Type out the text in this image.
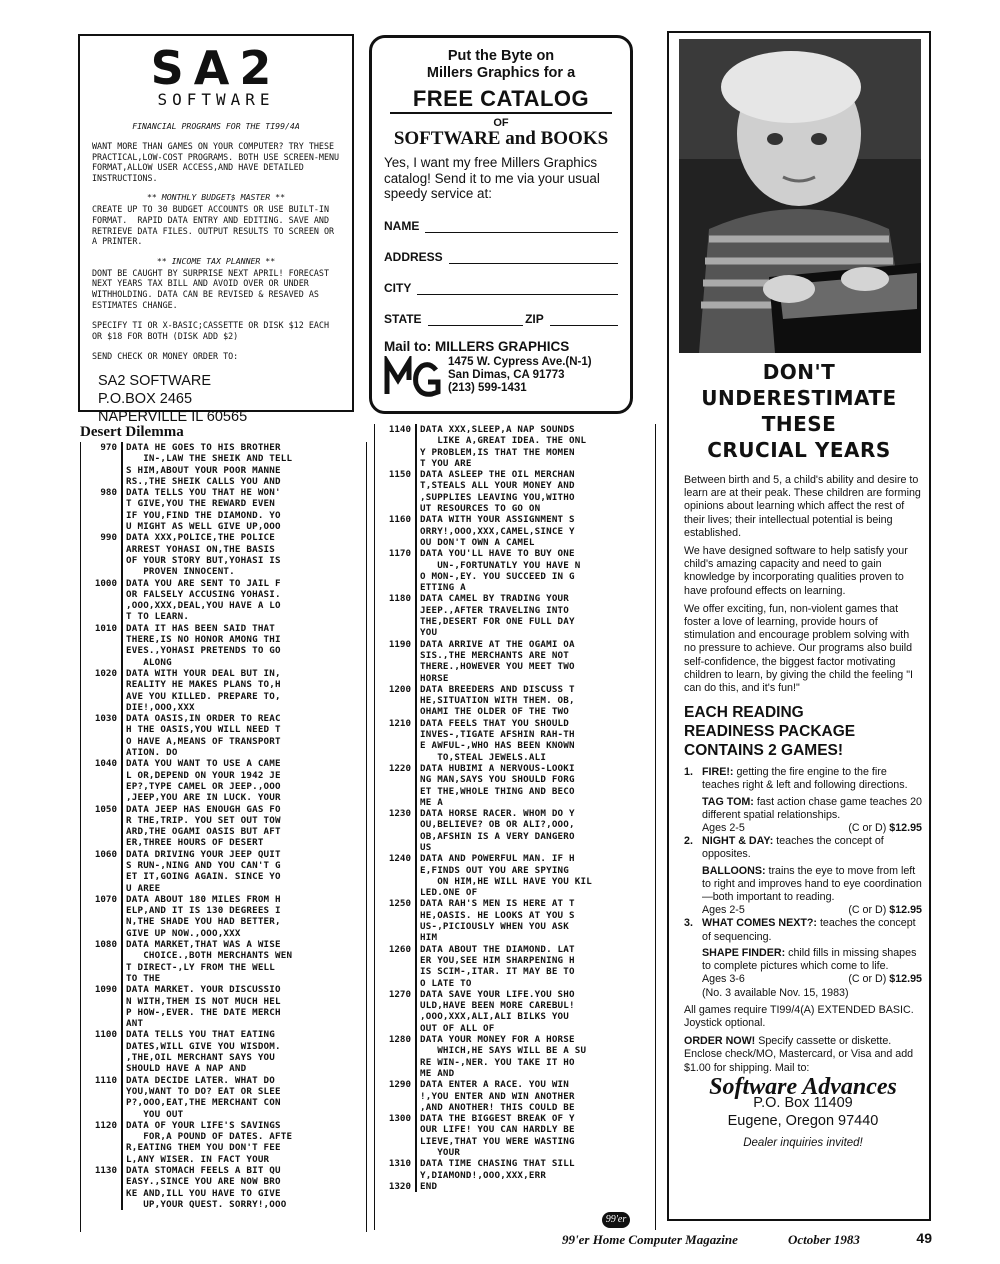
SA2
SOFTWARE
FINANCIAL PROGRAMS FOR THE TI99/4A
WANT MORE THAN GAMES ON YOUR COMPUTER? TRY THESE PRACTICAL,LOW-COST PROGRAMS. BOTH USE SCREEN-MENU FORMAT,ALLOW USER ACCESS,AND HAVE DETAILED INSTRUCTIONS.
** MONTHLY BUDGET$ MASTER **
CREATE UP TO 30 BUDGET ACCOUNTS OR USE BUILT-IN FORMAT.  RAPID DATA ENTRY AND EDITING. SAVE AND RETRIEVE DATA FILES. OUTPUT RESULTS TO SCREEN OR A PRINTER.
** INCOME TAX PLANNER **
DONT BE CAUGHT BY SURPRISE NEXT APRIL! FORECAST NEXT YEARS TAX BILL AND AVOID OVER OR UNDER WITHHOLDING. DATA CAN BE REVISED & RESAVED AS ESTIMATES CHANGE.
SPECIFY TI OR X-BASIC;CASSETTE OR DISK $12 EACH OR $18 FOR BOTH (DISK ADD $2)
SEND CHECK OR MONEY ORDER TO:
SA2 SOFTWARE
P.O.BOX 2465
NAPERVILLE IL 60565
Put the Byte on
Millers Graphics for a
FREE CATALOG
OF
SOFTWARE and BOOKS
Yes, I want my free Millers Graphics catalog! Send it to me via your usual speedy service at:
NAME
ADDRESS
CITY
STATE	ZIP
Mail to: MILLERS GRAPHICS
1475 W. Cypress Ave.(N-1)
San Dimas, CA 91773
(213) 599-1431
DON'T
UNDERESTIMATE
THESE
CRUCIAL YEARS

Between birth and 5, a child's ability and desire to learn are at their peak. These children are forming opinions about learning which affect the rest of their lives; their intellectual potential is being established.

We have designed software to help satisfy your child's amazing capacity and need to gain knowledge by incorporating qualities proven to have profound effects on learning.

We offer exciting, fun, non-violent games that foster a love of learning, provide hours of stimulation and encourage problem solving with no pressure to achieve. Our programs also build self-confidence, the biggest factor motivating children to learn, by giving the child the feeling "I can do this, and it's fun!"

EACH READING
READINESS PACKAGE
CONTAINS 2 GAMES!
1. FIRE!: getting the fire engine to the fire teaches right & left and following directions.
TAG TOM: fast action chase game teaches 20 different spatial relationships.
Ages 2-5	(C or D) $12.95
2. NIGHT & DAY: teaches the concept of opposites.
BALLOONS: trains the eye to move from left to right and improves hand to eye coordination—both important to reading.
Ages 2-5	(C or D) $12.95
3. WHAT COMES NEXT?: teaches the concept of sequencing.
SHAPE FINDER: child fills in missing shapes to complete pictures which come to life.
Ages 3-6	(C or D) $12.95
(No. 3 available Nov. 15, 1983)

All games require TI99/4(A) EXTENDED BASIC. Joystick optional.

ORDER NOW! Specify cassette or diskette. Enclose check/MO, Mastercard, or Visa and add $1.00 for shipping. Mail to:

Software Advances
P.O. Box 11409
Eugene, Oregon 97440
Dealer inquiries invited!
Desert Dilemma
970 DATA HE GOES TO HIS BROTHER
IN-,LAW THE SHEIK AND TELL
S HIM,ABOUT YOUR POOR MANNE
RS.,THE SHEIK CALLS YOU AND
980 DATA TELLS YOU THAT HE WON'
T GIVE,YOU THE REWARD EVEN
IF YOU,FIND THE DIAMOND. YO
U MIGHT AS WELL GIVE UP,OOO
990 DATA XXX,POLICE,THE POLICE
ARREST YOHASI ON,THE BASIS
OF YOUR STORY BUT,YOHASI IS
PROVEN INNOCENT.
1000 DATA YOU ARE SENT TO JAIL F
OR FALSELY ACCUSING YOHASI.
,OOO,XXX,DEAL,YOU HAVE A LO
T TO LEARN.
1010 DATA IT HAS BEEN SAID THAT
THERE,IS NO HONOR AMONG THI
EVES.,YOHASI PRETENDS TO GO
ALONG
1020 DATA WITH YOUR DEAL BUT IN,
REALITY HE MAKES PLANS TO,H
AVE YOU KILLED. PREPARE TO,
DIE!,OOO,XXX
1030 DATA OASIS,IN ORDER TO REAC
H THE OASIS,YOU WILL NEED T
O HAVE A,MEANS OF TRANSPORT
ATION. DO
1040 DATA YOU WANT TO USE A CAME
L OR,DEPEND ON YOUR 1942 JE
EP?,TYPE CAMEL OR JEEP.,OOO
,JEEP,YOU ARE IN LUCK. YOUR
1050 DATA JEEP HAS ENOUGH GAS FO
R THE,TRIP. YOU SET OUT TOW
ARD,THE OGAMI OASIS BUT AFT
ER,THREE HOURS OF DESERT
1060 DATA DRIVING YOUR JEEP QUIT
S RUN-,NING AND YOU CAN'T G
ET IT,GOING AGAIN. SINCE YO
U AREE
1070 DATA ABOUT 180 MILES FROM H
ELP,AND IT IS 130 DEGREES I
N,THE SHADE YOU HAD BETTER,
GIVE UP NOW.,OOO,XXX
1080 DATA MARKET,THAT WAS A WISE
CHOICE.,BOTH MERCHANTS WEN
T DIRECT-,LY FROM THE WELL
TO THE
1090 DATA MARKET. YOUR DISCUSSIO
N WITH,THEM IS NOT MUCH HEL
P HOW-,EVER. THE DATE MERCH
ANT
1100 DATA TELLS YOU THAT EATING
DATES,WILL GIVE YOU WISDOM.
,THE,OIL MERCHANT SAYS YOU
SHOULD HAVE A NAP AND
1110 DATA DECIDE LATER. WHAT DO
YOU,WANT TO DO? EAT OR SLEE
P?,OOO,EAT,THE MERCHANT CON
YOU OUT
1120 DATA OF YOUR LIFE'S SAVINGS
FOR,A POUND OF DATES. AFTE
R,EATING THEM YOU DON'T FEE
L,ANY WISER. IN FACT YOUR
1130 DATA STOMACH FEELS A BIT QU
EASY.,SINCE YOU ARE NOW BRO
KE AND,ILL YOU HAVE TO GIVE
UP,YOUR QUEST. SORRY!,OOO
1140 DATA XXX,SLEEP,A NAP SOUNDS
LIKE A,GREAT IDEA. THE ONL
Y PROBLEM,IS THAT THE MOMEN
T YOU ARE
1150 DATA ASLEEP THE OIL MERCHAN
T,STEALS ALL YOUR MONEY AND
,SUPPLIES LEAVING YOU,WITHO
UT RESOURCES TO GO ON
1160 DATA WITH YOUR ASSIGNMENT S
ORRY!,OOO,XXX,CAMEL,SINCE Y
OU DON'T OWN A CAMEL
1170 DATA YOU'LL HAVE TO BUY ONE
UN-,FORTUNATLY YOU HAVE N
O MON-,EY. YOU SUCCEED IN G
ETTING A
1180 DATA CAMEL BY TRADING YOUR
JEEP.,AFTER TRAVELING INTO
THE,DESERT FOR ONE FULL DAY
YOU
1190 DATA ARRIVE AT THE OGAMI OA
SIS.,THE MERCHANTS ARE NOT
THERE.,HOWEVER YOU MEET TWO
HORSE
1200 DATA BREEDERS AND DISCUSS T
HE,SITUATION WITH THEM. OB,
OHAMI THE OLDER OF THE TWO
1210 DATA FEELS THAT YOU SHOULD
INVES-,TIGATE AFSHIN RAH-TH
E AWFUL-,WHO HAS BEEN KNOWN
TO,STEAL JEWELS.ALI
1220 DATA HUBIMI A NERVOUS-LOOKI
NG MAN,SAYS YOU SHOULD FORG
ET THE,WHOLE THING AND BECO
ME A
1230 DATA HORSE RACER. WHOM DO Y
OU,BELIEVE? OB OR ALI?,OOO,
OB,AFSHIN IS A VERY DANGERO
US
1240 DATA AND POWERFUL MAN. IF H
E,FINDS OUT YOU ARE SPYING
ON HIM,HE WILL HAVE YOU KIL
LED.ONE OF
1250 DATA RAH'S MEN IS HERE AT T
HE,OASIS. HE LOOKS AT YOU S
US-,PICIOUSLY WHEN YOU ASK
HIM
1260 DATA ABOUT THE DIAMOND. LAT
ER YOU,SEE HIM SHARPENING H
IS SCIM-,ITAR. IT MAY BE TO
O LATE TO
1270 DATA SAVE YOUR LIFE.YOU SHO
ULD,HAVE BEEN MORE CAREBUL!
,OOO,XXX,ALI,ALI BILKS YOU
OUT OF ALL OF
1280 DATA YOUR MONEY FOR A HORSE
WHICH,HE SAYS WILL BE A SU
RE WIN-,NER. YOU TAKE IT HO
ME AND
1290 DATA ENTER A RACE. YOU WIN
!,YOU ENTER AND WIN ANOTHER
,AND ANOTHER! THIS COULD BE
1300 DATA THE BIGGEST BREAK OF Y
OUR LIFE! YOU CAN HARDLY BE
LIEVE,THAT YOU WERE WASTING
YOUR
1310 DATA TIME CHASING THAT SILL
Y,DIAMOND!,OOO,XXX,ERR
1320 END
99'er
99'er Home Computer Magazine	October 1983	49
